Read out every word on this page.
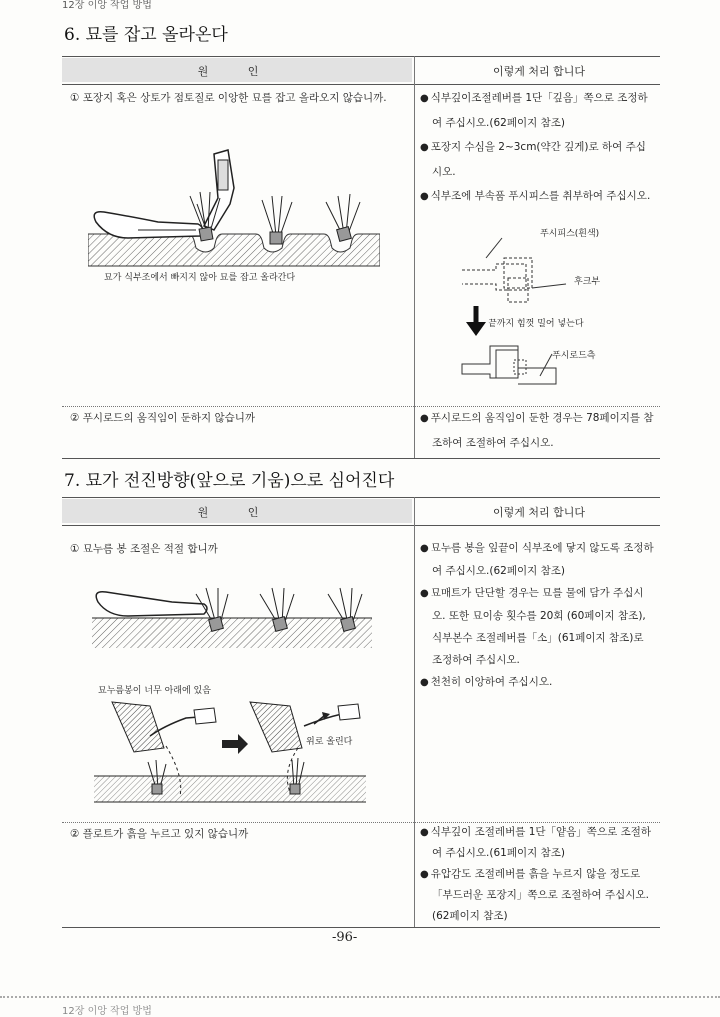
12장 이앙 작업 방법
6. 묘를 잡고 올라온다
원 인	이렇게 처리 합니다
① 포장지 혹은 상토가 점토질로 이앙한 묘를 잡고 올라오지 않습니까.
묘가 식부조에서 빠지지 않아 묘를 잡고 올라간다
● 식부깊이조절레버를 1단「깊음」쪽으로 조정하여 주십시오.(62페이지 참조)
● 포장지 수심을 2~3cm(약간 깊게)로 하여 주십시오.
● 식부조에 부속품 푸시피스를 취부하여 주십시오.
푸시피스(흰색)
후크부
끝까지 힘껏 밀어 넣는다
푸시로드측
② 푸시로드의 움직임이 둔하지 않습니까	● 푸시로드의 움직임이 둔한 경우는 78페이지를 참조하여 조절하여 주십시오.
7. 묘가 전진방향(앞으로 기움)으로 심어진다
원 인	이렇게 처리 합니다
① 묘누름 봉 조절은 적절 합니까
묘누름봉이 너무 아래에 있음
위로 올린다
● 묘누름 봉을 잎끝이 식부조에 닿지 않도록 조정하여 주십시오.(62페이지 참조)
● 묘매트가 단단할 경우는 묘를 물에 담가 주십시오. 또한 묘이송 횟수를 20회 (60페이지 참조), 식부본수 조절레버를「소」(61페이지 참조)로 조정하여 주십시오.
● 천천히 이앙하여 주십시오.
② 플로트가 흙을 누르고 있지 않습니까	● 식부깊이 조절레버를 1단「얕음」쪽으로 조절하여 주십시오.(61페이지 참조)
● 유압감도 조절레버를 흙을 누르지 않을 정도로「부드러운 포장지」쪽으로 조절하여 주십시오.(62페이지 참조)
-96-
12장 이앙 작업 방법
